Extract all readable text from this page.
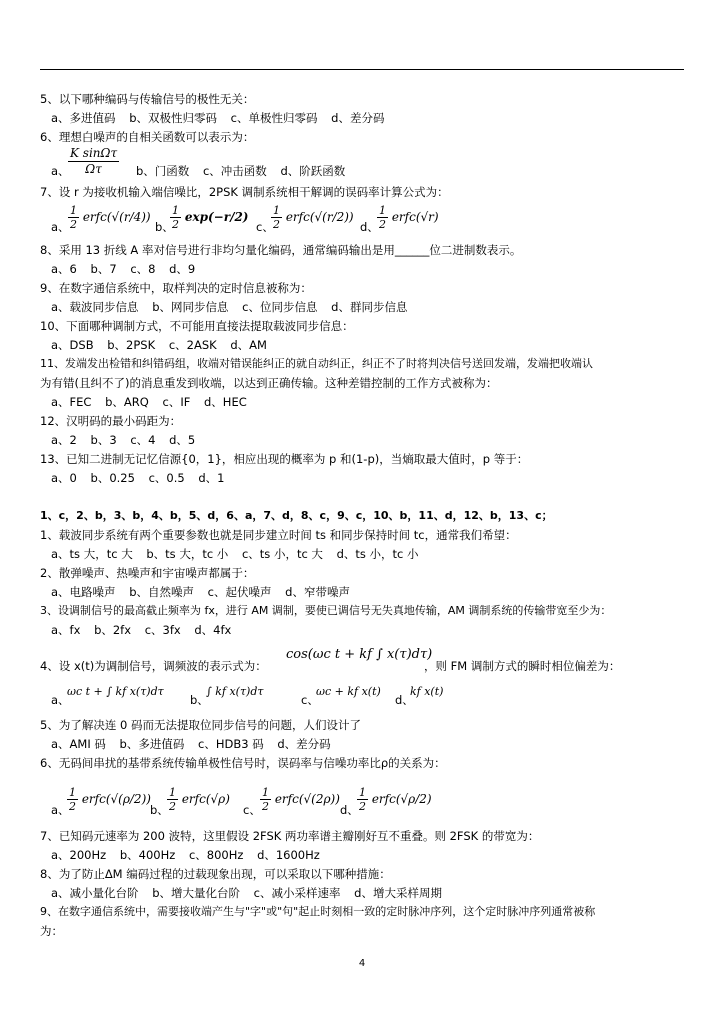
5、以下哪种编码与传输信号的极性无关：
a、多进值码 b、双极性归零码 c、单极性归零码 d、差分码
6、理想白噪声的自相关函数可以表示为：
a、
$\frac{\text{K sinΩτ}}{\Omega\tau}$ b、门函数 c、冲击函数 d、阶跃函数
7、设 r 为接收机输入端信噪比，2PSK 调制系统相干解调的误码率计算公式为：
a、
$\frac{1}{2}$ erfc(√(r/4))
b、
$\frac{1}{2} \exp(-r/2)$
c、
$\frac{1}{2}$ erfc(√(r/2))
d、
$\frac{1}{2}$ erfc(√r)
8、采用 13 折线 A 率对信号进行非均匀量化编码，通常编码输出是用______位二进制数表示。
a、6 b、7 c、8 d、9
9、在数字通信系统中，取样判决的定时信息被称为：
a、载波同步信息 b、网同步信息 c、位同步信息 d、群同步信息
10、下面哪种调制方式，不可能用直接法提取载波同步信息：
a、DSB b、2PSK c、2ASK d、AM
11、发端发出检错和纠错码组，收端对错误能纠正的就自动纠正，纠正不了时将判决信号送回发端，发端把收端认
为有错(且纠不了)的消息重发到收端，以达到正确传输。这种差错控制的工作方式被称为：
a、FEC b、ARQ c、IF d、HEC
12、汉明码的最小码距为：
a、2 b、3 c、4 d、5
13、已知二进制无记忆信源{0，1}，相应出现的概率为 p 和(1-p)，当熵取最大值时，p 等于：
a、0 b、0.25 c、0.5 d、1
1、c，2、b，3、b，4、b，5、d，6、a，7、d，8、c，9、c，10、b，11、d，12、b，13、c；
1、载波同步系统有两个重要参数也就是同步建立时间 ts 和同步保持时间 tc，通常我们希望：
a、ts 大，tc 大 b、ts 大，tc 小 c、ts 小，tc 大 d、ts 小，tc 小
2、散弹噪声、热噪声和宇宙噪声都属于：
a、电路噪声 b、自然噪声 c、起伏噪声 d、窄带噪声
3、设调制信号的最高截止频率为 fx，进行 AM 调制，要使已调信号无失真地传输，AM 调制系统的传输带宽至少为：
a、fx b、2fx c、3fx d、4fx
4、设 x(t)为调制信号，调频波的表示式为：
cos(ωc t + kf ∫ x(τ)dτ)
，则 FM 调制方式的瞬时相位偏差为：
a、
ωc t + ∫ kf x(τ)dτ
b、
∫ kf x(τ)dτ
c、
ωc + kf x(t)
d、
kf x(t)
5、为了解决连 0 码而无法提取位同步信号的问题，人们设计了
a、AMI 码 b、多进值码 c、HDB3 码 d、差分码
6、无码间串扰的基带系统传输单极性信号时，误码率与信噪功率比ρ的关系为：
a、
$\frac{1}{2}$ erfc(√(ρ/2))
b、
$\frac{1}{2}$ erfc(√ρ)
c、 $\frac{1}{2}$ erfc(√(2ρ))
d、
$\frac{1}{2}$ erfc(√ρ/2)
7、已知码元速率为 200 波特，这里假设 2FSK 两功率谱主瓣刚好互不重叠。则 2FSK 的带宽为：
a、200Hz b、400Hz c、800Hz d、1600Hz
8、为了防止ΔM 编码过程的过载现象出现，可以采取以下哪种措施：
a、减小量化台阶 b、增大量化台阶 c、减小采样速率 d、增大采样周期
9、在数字通信系统中，需要接收端产生与"字"或"句"起止时刻相一致的定时脉冲序列，这个定时脉冲序列通常被称
为：
4
